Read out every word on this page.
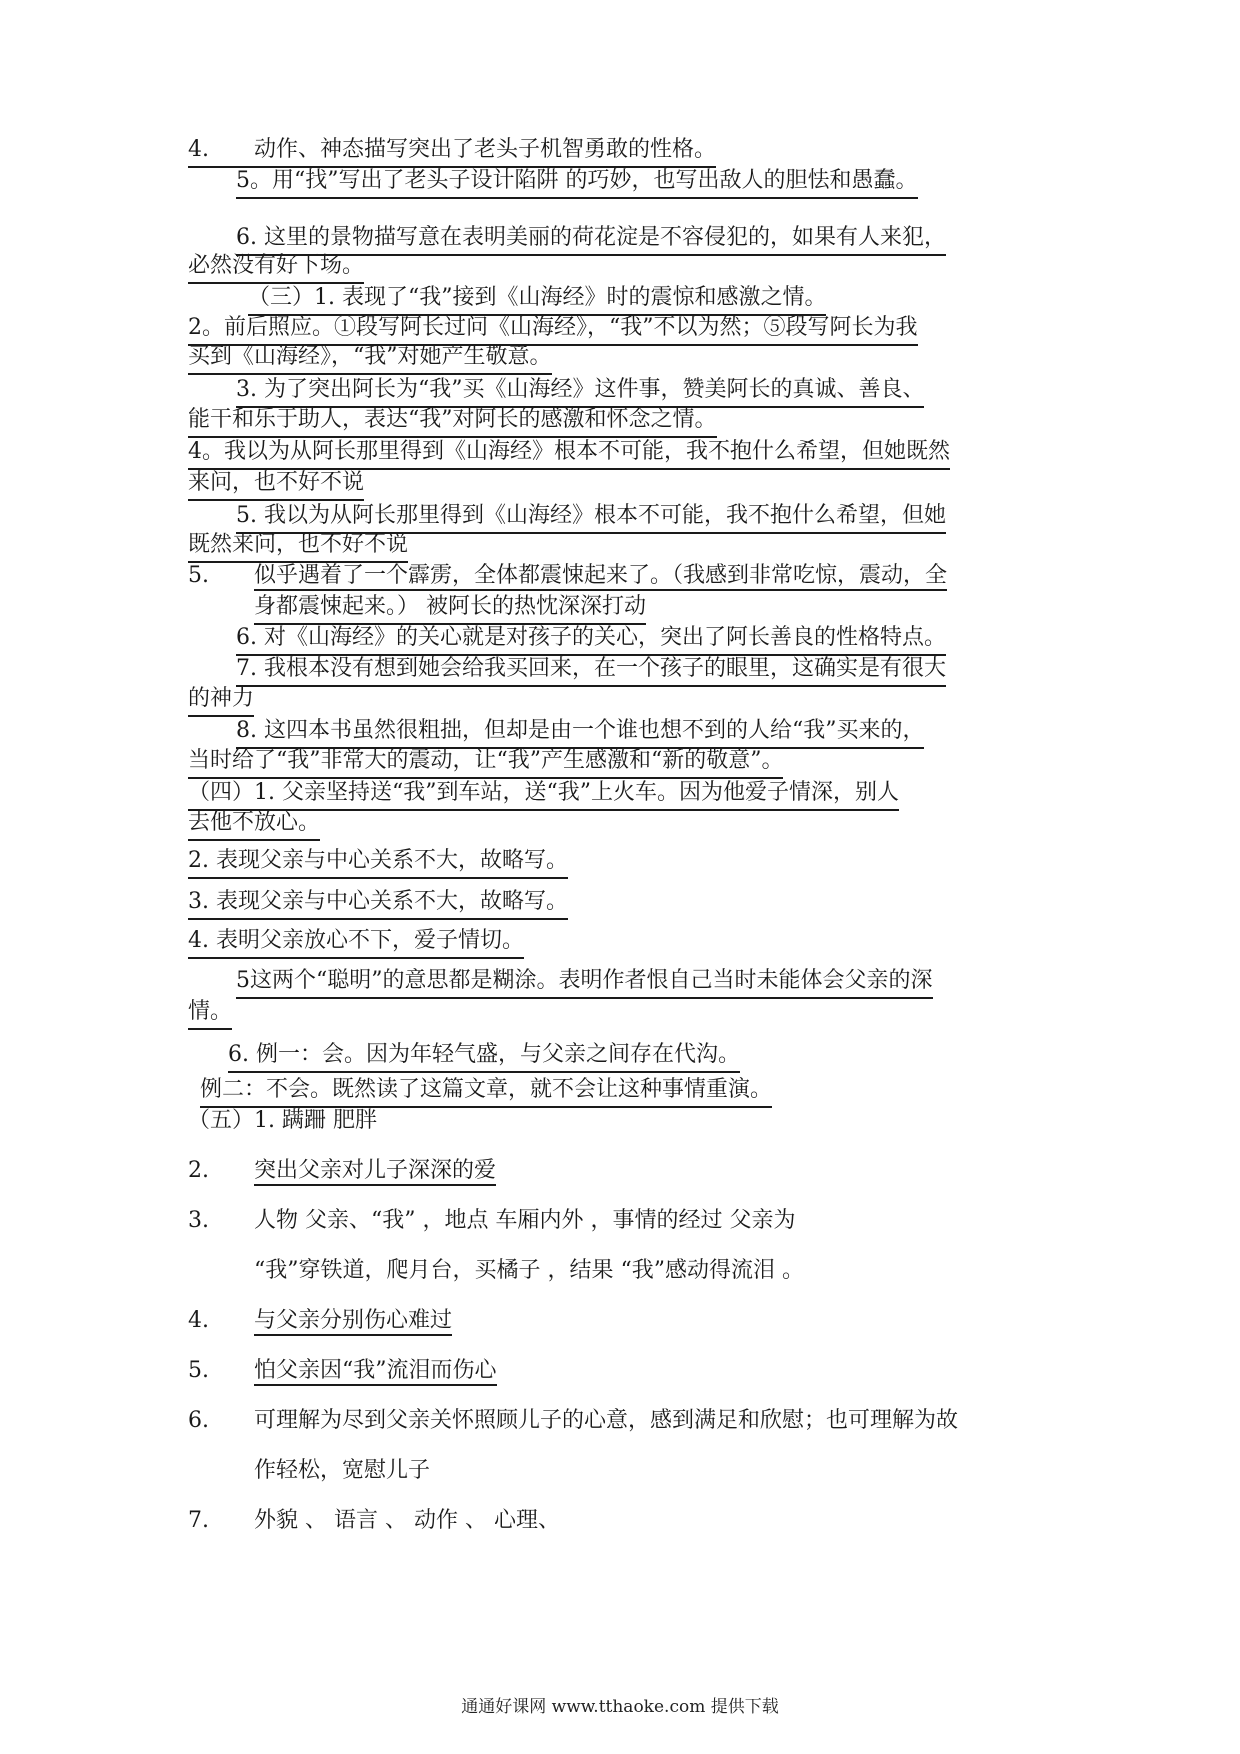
4. 动作、神态描写突出了老头子机智勇敢的性格。
5。用“找”写出了老头子设计陷阱 的巧妙，也写出敌人的胆怯和愚蠢。
6. 这里的景物描写意在表明美丽的荷花淀是不容侵犯的，如果有人来犯，
必然没有好下场。
（三）1. 表现了“我”接到《山海经》时的震惊和感激之情。
2。前后照应。①段写阿长过问《山海经》，“我”不以为然；⑤段写阿长为我
买到《山海经》，“我”对她产生敬意。
3. 为了突出阿长为“我”买《山海经》这件事，赞美阿长的真诚、善良、
能干和乐于助人，表达“我”对阿长的感激和怀念之情。
4。我以为从阿长那里得到《山海经》根本不可能，我不抱什么希望，但她既然
来问，也不好不说
5. 我以为从阿长那里得到《山海经》根本不可能，我不抱什么希望，但她
既然来问，也不好不说
5. 似乎遇着了一个霹雳，全体都震悚起来了。（我感到非常吃惊，震动，全
身都震悚起来。） 被阿长的热忱深深打动
6. 对《山海经》的关心就是对孩子的关心，突出了阿长善良的性格特点。
7. 我根本没有想到她会给我买回来，在一个孩子的眼里，这确实是有很大
的神力
8. 这四本书虽然很粗拙，但却是由一个谁也想不到的人给“我”买来的，
当时给了“我”非常大的震动，让“我”产生感激和“新的敬意”。
（四）1. 父亲坚持送“我”到车站，送“我”上火车。因为他爱子情深，别人
去他不放心。
2. 表现父亲与中心关系不大，故略写。
3. 表现父亲与中心关系不大，故略写。
4. 表明父亲放心不下，爱子情切。
5这两个“聪明”的意思都是糊涂。表明作者恨自己当时未能体会父亲的深
情。
6. 例一：会。因为年轻气盛，与父亲之间存在代沟。
例二：不会。既然读了这篇文章，就不会让这种事情重演。
（五）1. 蹒跚 肥胖
2. 突出父亲对儿子深深的爱
3. 人物 父亲、“我” ，地点 车厢内外 ，事情的经过 父亲为
“我”穿铁道，爬月台，买橘子 ，结果 “我”感动得流泪 。
4. 与父亲分别伤心难过
5. 怕父亲因“我”流泪而伤心
6. 可理解为尽到父亲关怀照顾儿子的心意，感到满足和欣慰；也可理解为故
作轻松，宽慰儿子
7. 外貌 、 语言 、 动作 、 心理、
通通好课网 www.tthaoke.com 提供下载
